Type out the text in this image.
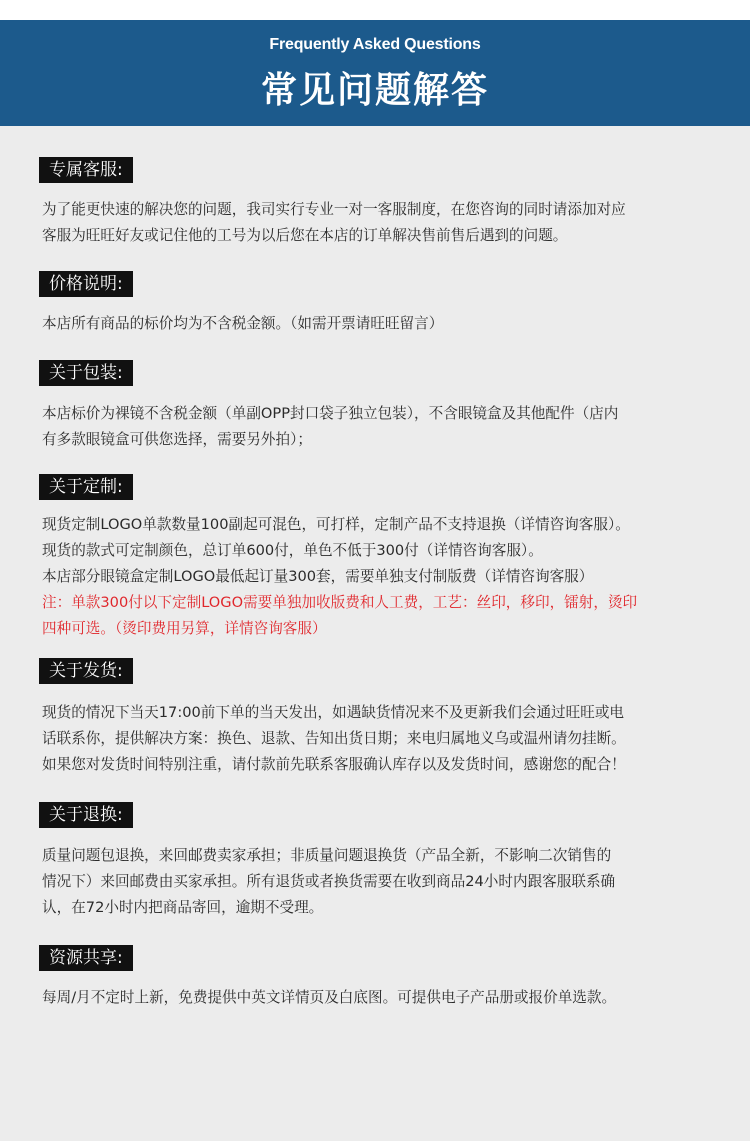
Frequently Asked Questions
常见问题解答
专属客服:
为了能更快速的解决您的问题，我司实行专业一对一客服制度，在您咨询的同时请添加对应
客服为旺旺好友或记住他的工号为以后您在本店的订单解决售前售后遇到的问题。
价格说明:
本店所有商品的标价均为不含税金额。（如需开票请旺旺留言）
关于包装:
本店标价为裸镜不含税金额（单副OPP封口袋子独立包装），不含眼镜盒及其他配件（店内
有多款眼镜盒可供您选择，需要另外拍）；
关于定制:
现货定制LOGO单款数量100副起可混色，可打样，定制产品不支持退换（详情咨询客服）。
现货的款式可定制颜色，总订单600付，单色不低于300付（详情咨询客服）。
本店部分眼镜盒定制LOGO最低起订量300套，需要单独支付制版费（详情咨询客服）
注：单款300付以下定制LOGO需要单独加收版费和人工费，工艺：丝印，移印，镭射，烫印
四种可选。（烫印费用另算，详情咨询客服）
关于发货:
现货的情况下当天17:00前下单的当天发出，如遇缺货情况来不及更新我们会通过旺旺或电
话联系你，提供解决方案：换色、退款、告知出货日期；来电归属地义乌或温州请勿挂断。
如果您对发货时间特别注重，请付款前先联系客服确认库存以及发货时间，感谢您的配合！
关于退换:
质量问题包退换，来回邮费卖家承担；非质量问题退换货（产品全新，不影响二次销售的
情况下）来回邮费由买家承担。所有退货或者换货需要在收到商品24小时内跟客服联系确
认，在72小时内把商品寄回，逾期不受理。
资源共享:
每周/月不定时上新，免费提供中英文详情页及白底图。可提供电子产品册或报价单选款。
